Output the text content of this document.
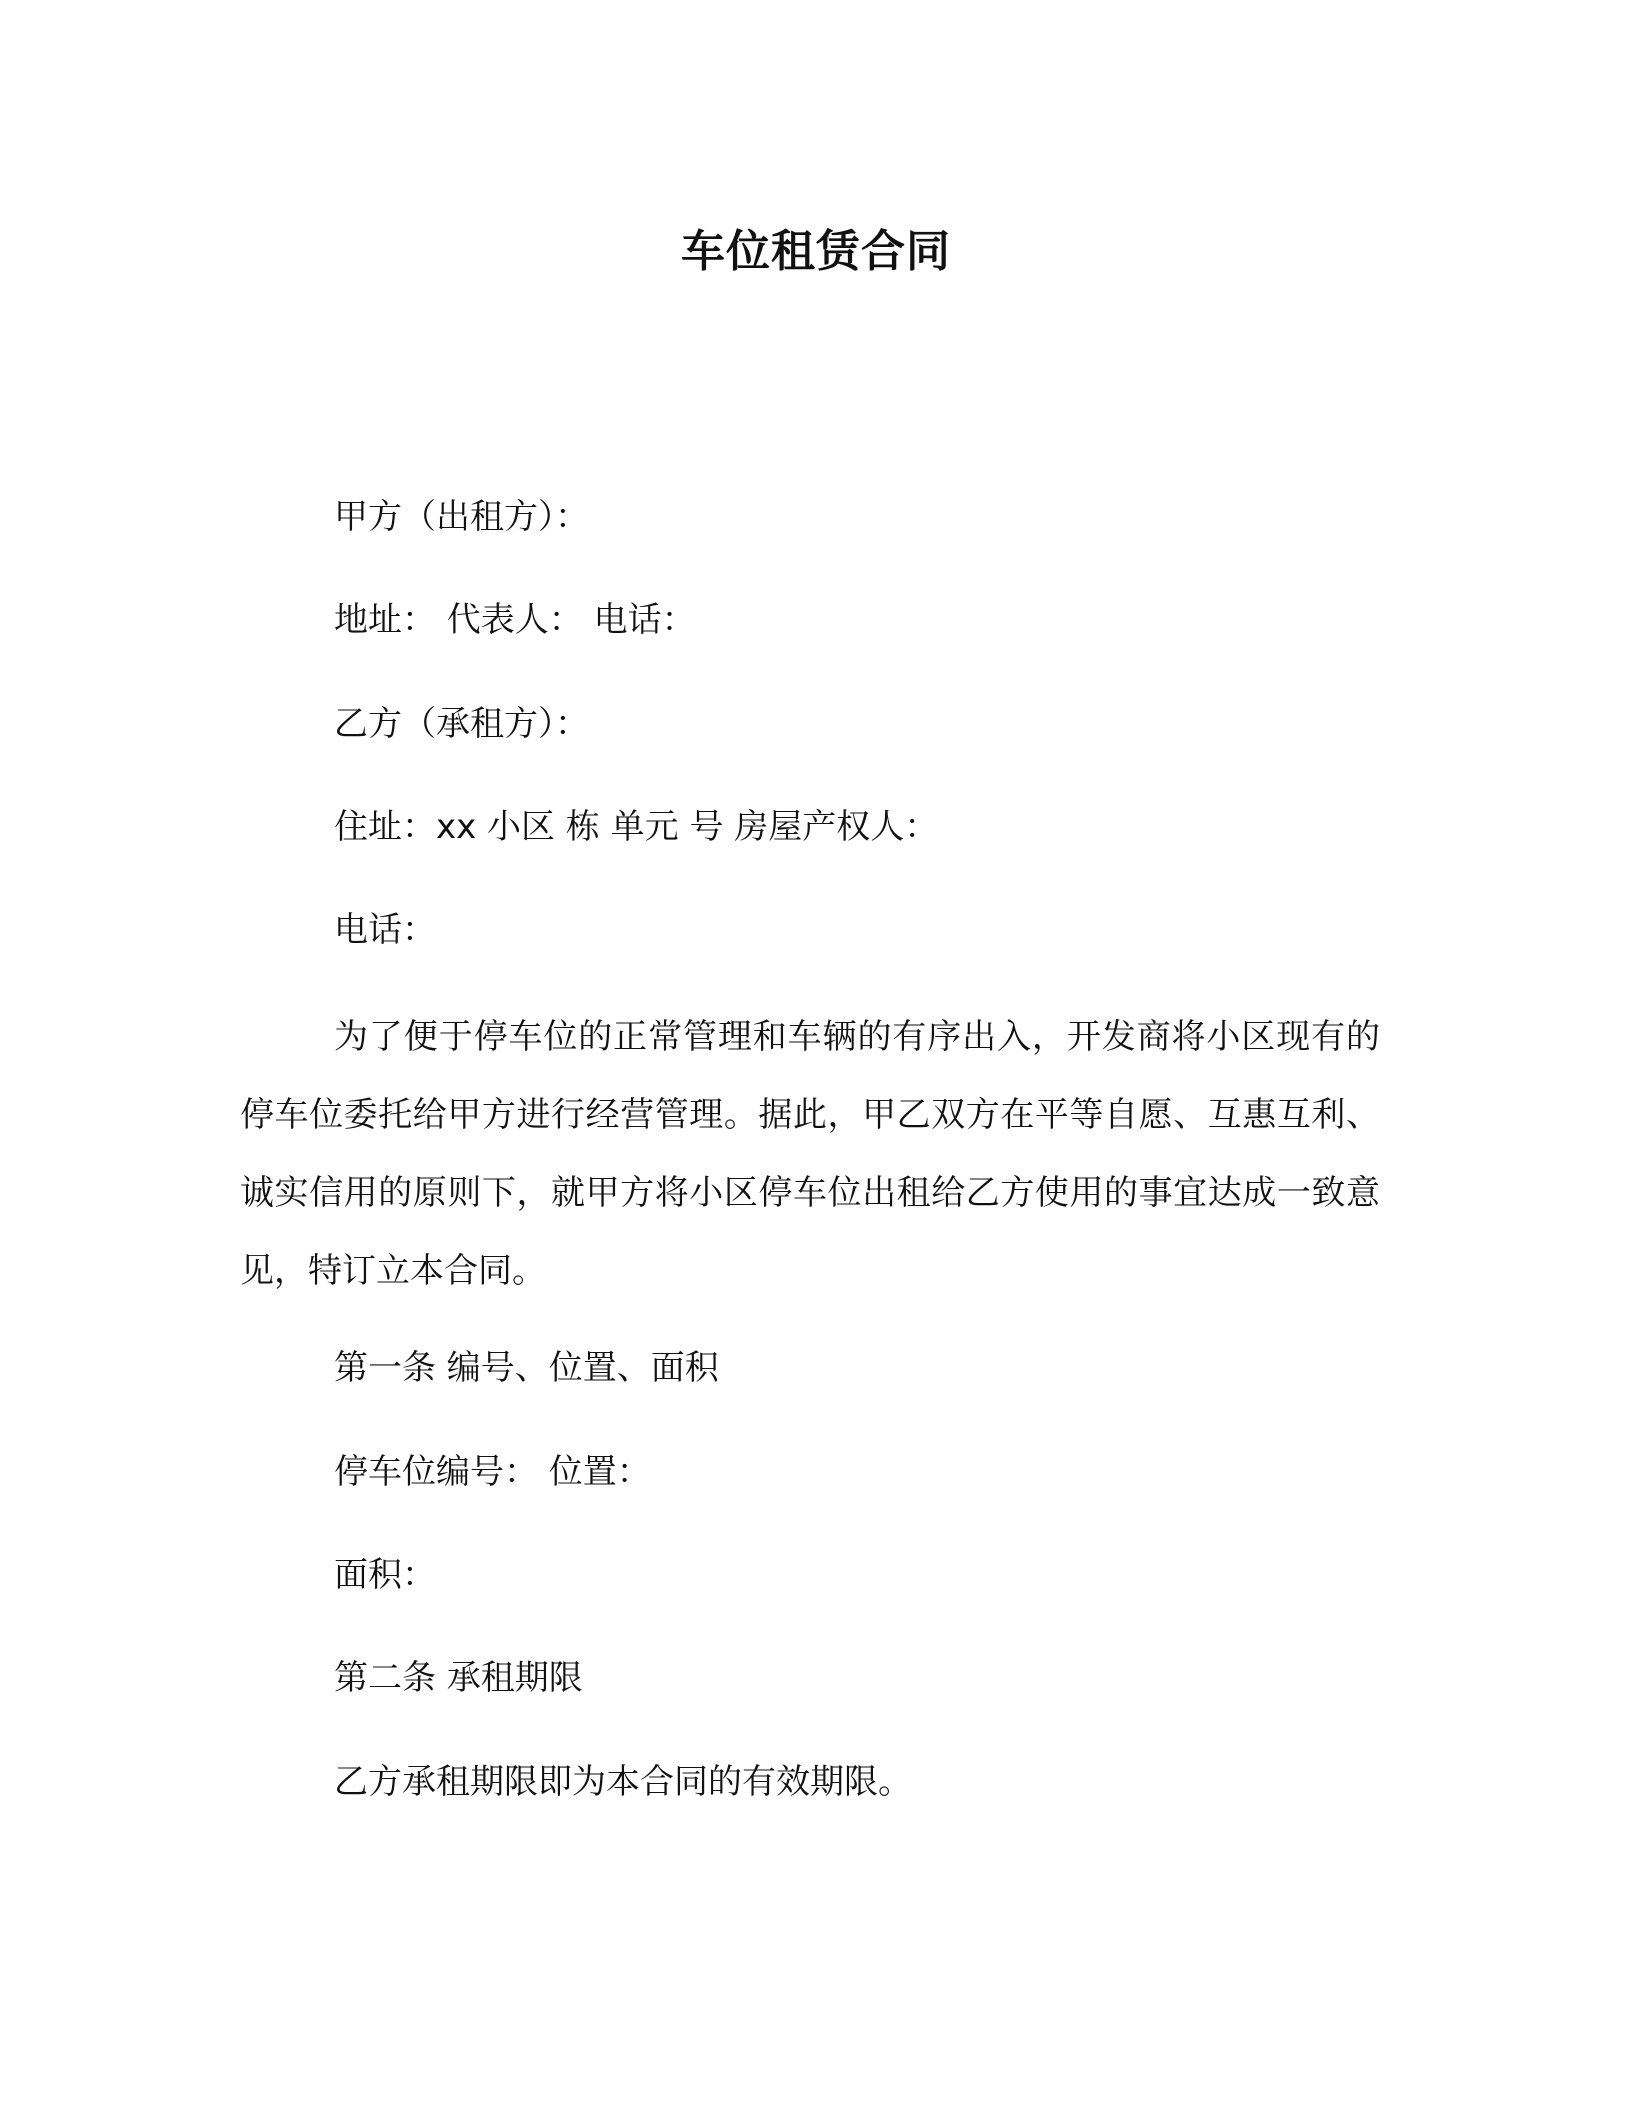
车位租赁合同
甲方（出租方）：
地址： 代表人： 电话：
乙方（承租方）：
住址：xx 小区 栋 单元 号 房屋产权人：
电话：
为了便于停车位的正常管理和车辆的有序出入，开发商将小区现有的停车位委托给甲方进行经营管理。据此，甲乙双方在平等自愿、互惠互利、诚实信用的原则下，就甲方将小区停车位出租给乙方使用的事宜达成一致意见，特订立本合同。
第一条 编号、位置、面积
停车位编号： 位置：
面积：
第二条 承租期限
乙方承租期限即为本合同的有效期限。
